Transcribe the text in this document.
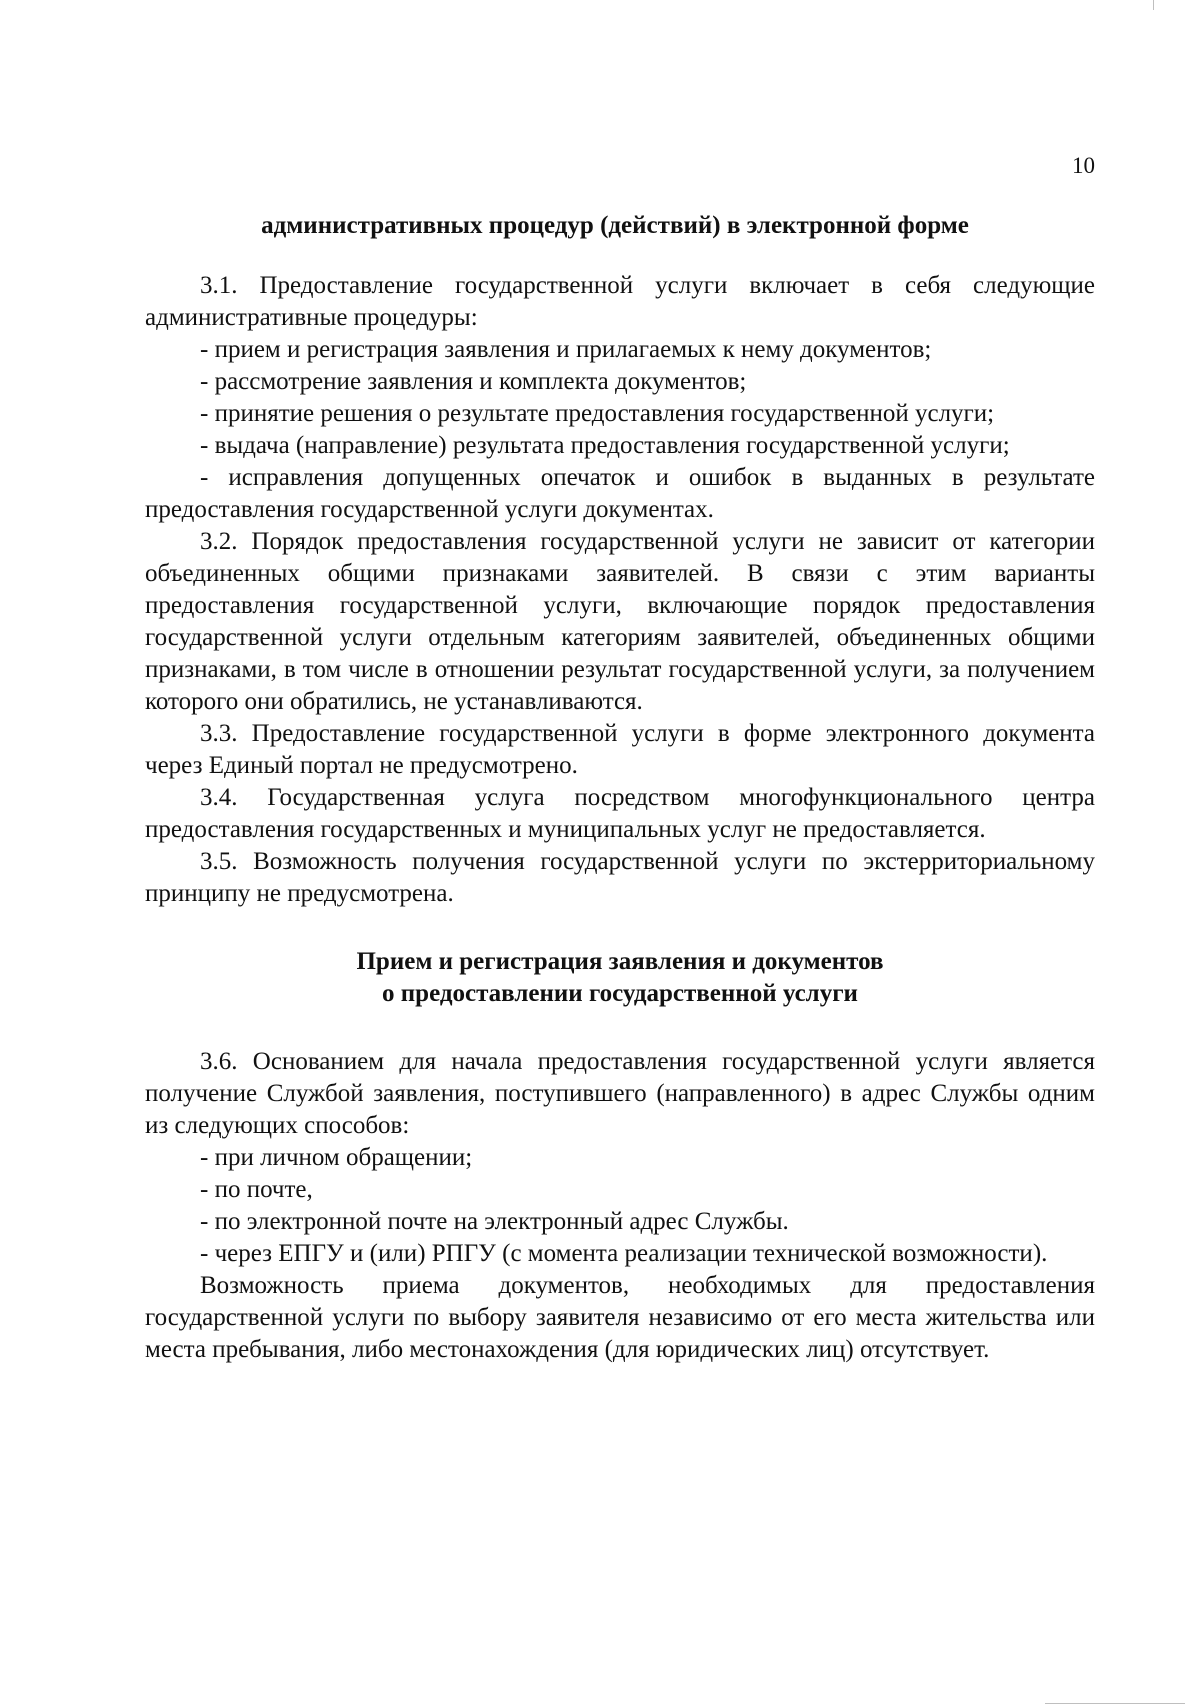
10

административных процедур (действий) в электронной форме

3.1. Предоставление государственной услуги включает в себя следующие административные процедуры:

- прием и регистрация заявления и прилагаемых к нему документов;

- рассмотрение заявления и комплекта документов;

- принятие решения о результате предоставления государственной услуги;

- выдача (направление) результата предоставления государственной услуги;

- исправления допущенных опечаток и ошибок в выданных в результате предоставления государственной услуги документах.

3.2. Порядок предоставления государственной услуги не зависит от категории объединенных общими признаками заявителей. В связи с этим варианты предоставления государственной услуги, включающие порядок предоставления государственной услуги отдельным категориям заявителей, объединенных общими признаками, в том числе в отношении результат государственной услуги, за получением которого они обратились, не устанавливаются.

3.3. Предоставление государственной услуги в форме электронного документа через Единый портал не предусмотрено.

3.4. Государственная услуга посредством многофункционального центра предоставления государственных и муниципальных услуг не предоставляется.

3.5. Возможность получения государственной услуги по экстерриториальному принципу не предусмотрена.

Прием и регистрация заявления и документов

о предоставлении государственной услуги

3.6. Основанием для начала предоставления государственной услуги является получение Службой заявления, поступившего (направленного) в адрес Службы одним из следующих способов:

- при личном обращении;

- по почте,

- по электронной почте на электронный адрес Службы.

- через ЕПГУ и (или) РПГУ (с момента реализации технической возможности).

Возможность приема документов, необходимых для предоставления государственной услуги по выбору заявителя независимо от его места жительства или места пребывания, либо местонахождения (для юридических лиц) отсутствует.
